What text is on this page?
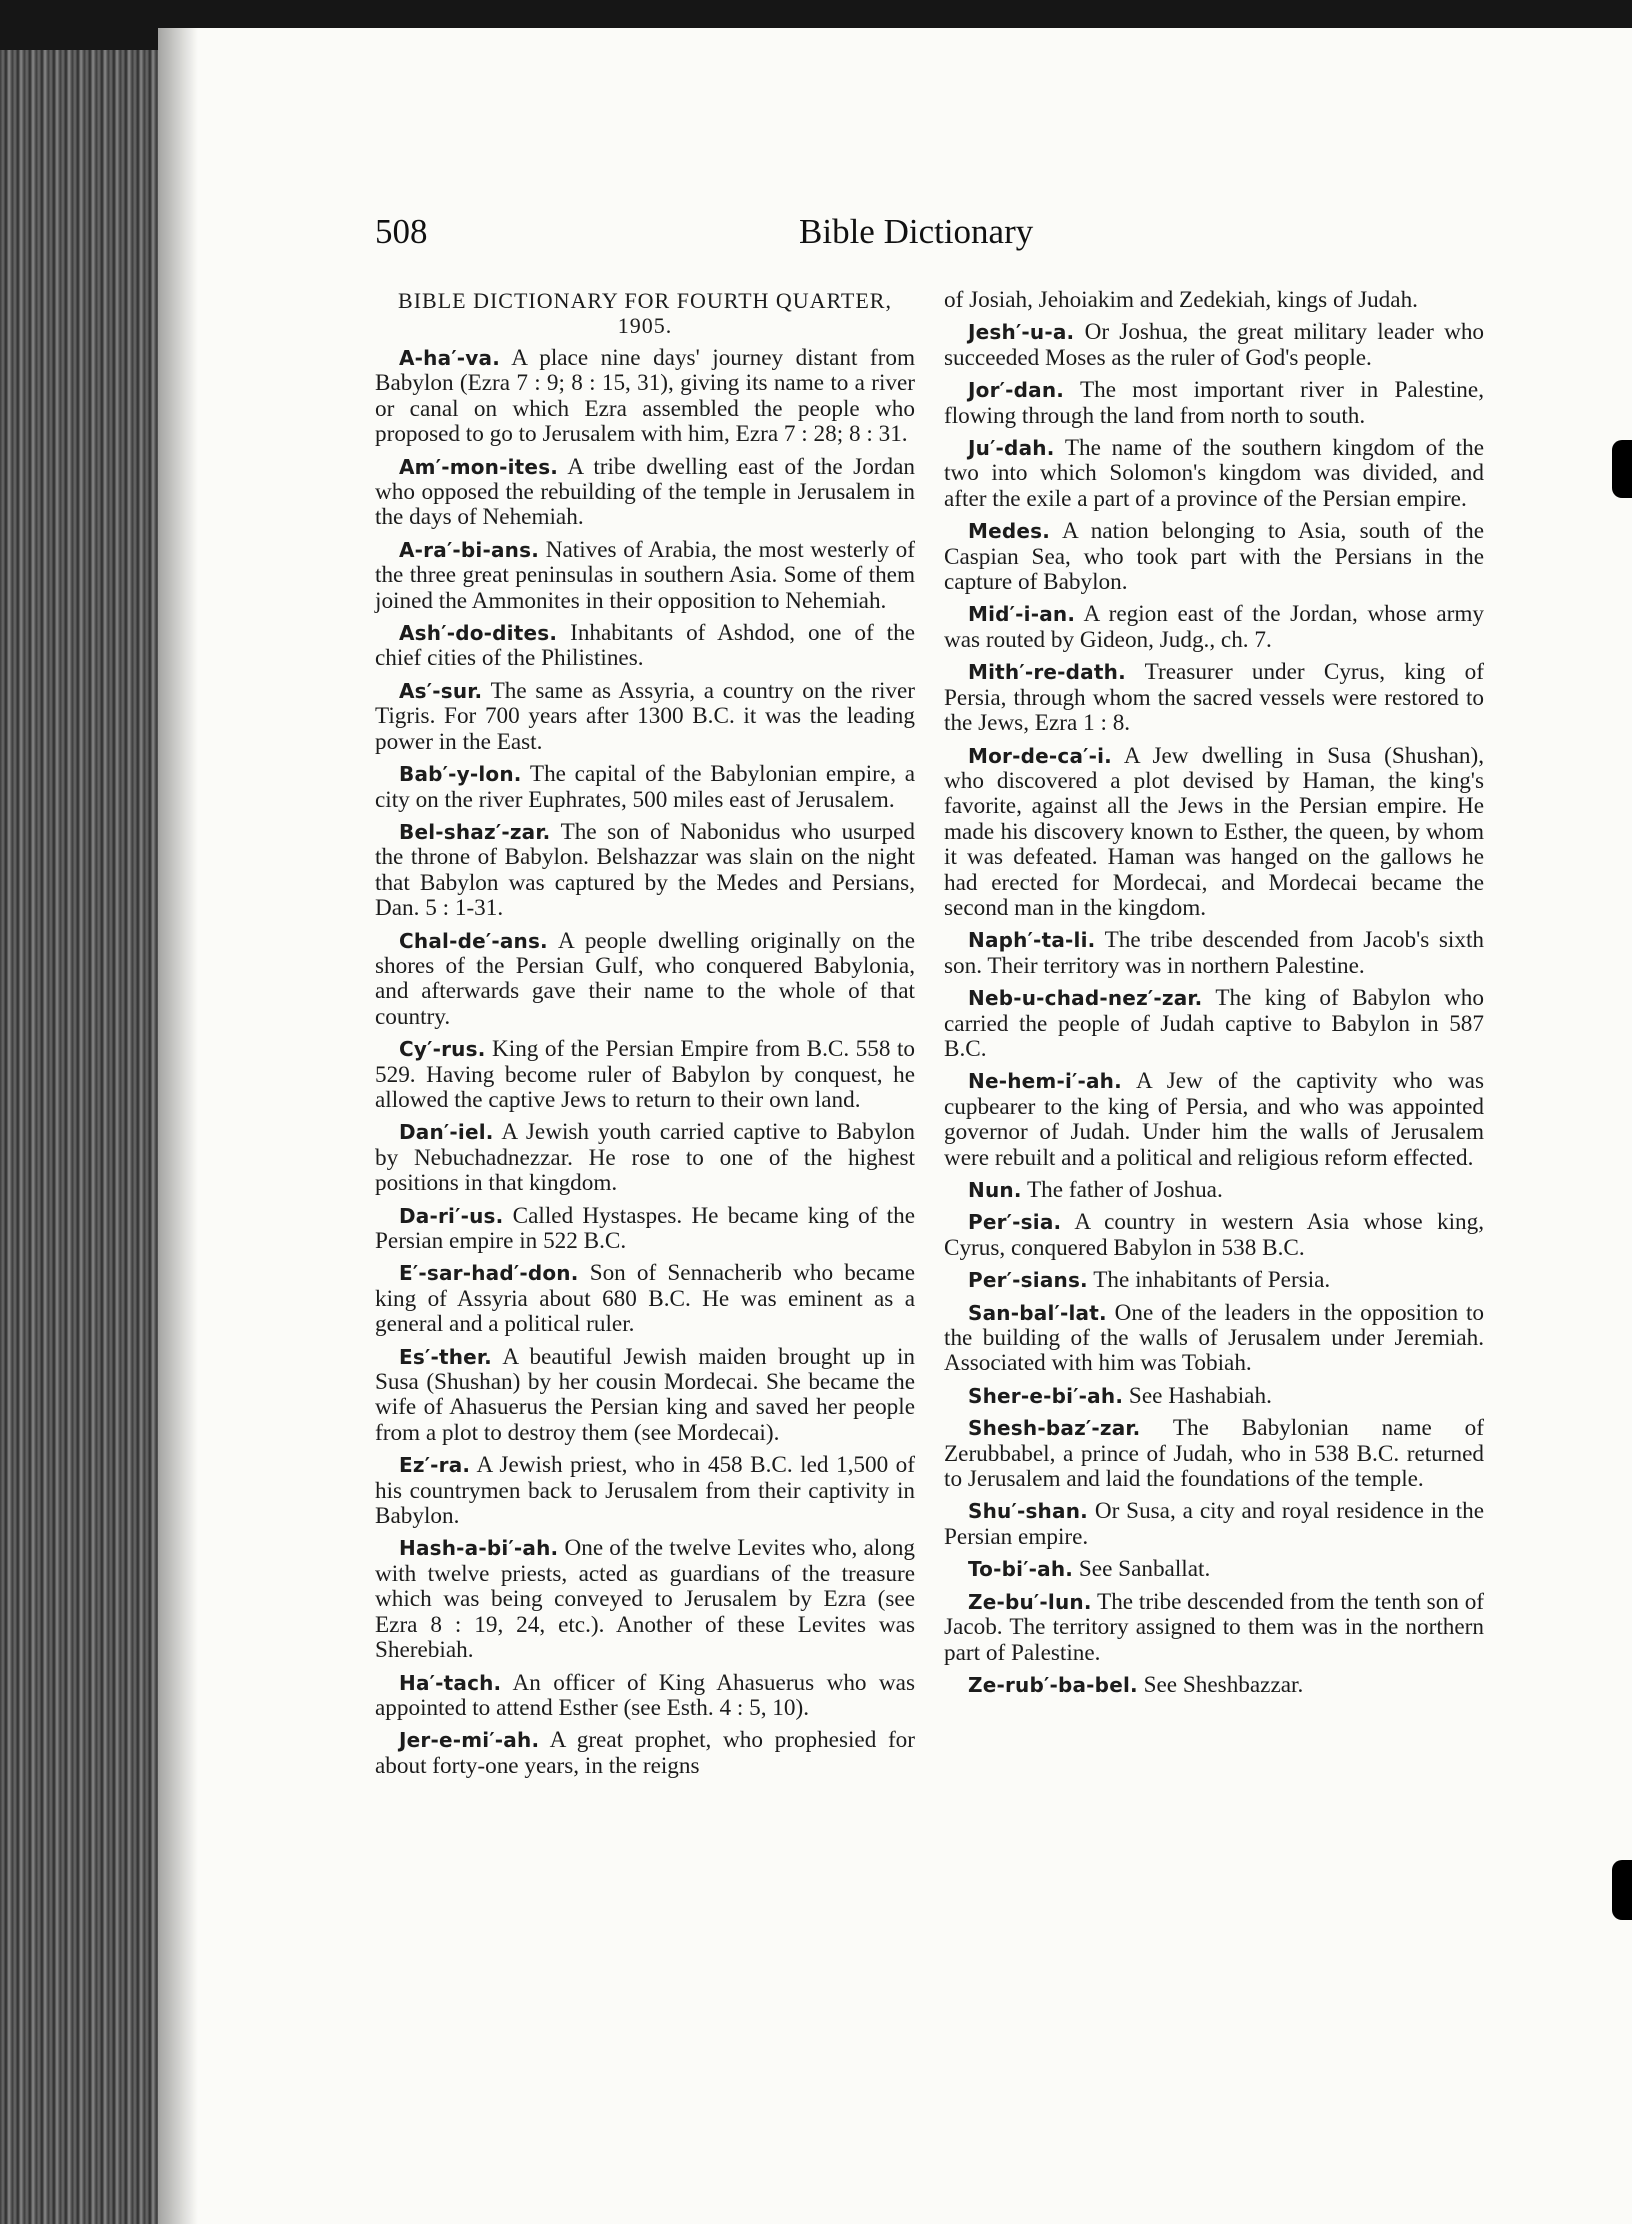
508	Bible Dictionary
BIBLE DICTIONARY FOR FOURTH QUARTER, 1905.

A-ha′-va. A place nine days' journey distant from Babylon (Ezra 7 : 9; 8 : 15, 31), giving its name to a river or canal on which Ezra assembled the people who proposed to go to Jerusalem with him, Ezra 7 : 28; 8 : 31.

Am′-mon-ites. A tribe dwelling east of the Jordan who opposed the rebuilding of the temple in Jerusalem in the days of Nehemiah.

A-ra′-bi-ans. Natives of Arabia, the most westerly of the three great peninsulas in southern Asia. Some of them joined the Ammonites in their opposition to Nehemiah.

Ash′-do-dites. Inhabitants of Ashdod, one of the chief cities of the Philistines.

As′-sur. The same as Assyria, a country on the river Tigris. For 700 years after 1300 B.C. it was the leading power in the East.

Bab′-y-lon. The capital of the Babylonian empire, a city on the river Euphrates, 500 miles east of Jerusalem.

Bel-shaz′-zar. The son of Nabonidus who usurped the throne of Babylon. Belshazzar was slain on the night that Babylon was captured by the Medes and Persians, Dan. 5 : 1-31.

Chal-de′-ans. A people dwelling originally on the shores of the Persian Gulf, who conquered Babylonia, and afterwards gave their name to the whole of that country.

Cy′-rus. King of the Persian Empire from B.C. 558 to 529. Having become ruler of Babylon by conquest, he allowed the captive Jews to return to their own land.

Dan′-iel. A Jewish youth carried captive to Babylon by Nebuchadnezzar. He rose to one of the highest positions in that kingdom.

Da-ri′-us. Called Hystaspes. He became king of the Persian empire in 522 B.C.

E′-sar-had′-don. Son of Sennacherib who became king of Assyria about 680 B.C. He was eminent as a general and a political ruler.

Es′-ther. A beautiful Jewish maiden brought up in Susa (Shushan) by her cousin Mordecai. She became the wife of Ahasuerus the Persian king and saved her people from a plot to destroy them (see Mordecai).

Ez′-ra. A Jewish priest, who in 458 B.C. led 1,500 of his countrymen back to Jerusalem from their captivity in Babylon.

Hash-a-bi′-ah. One of the twelve Levites who, along with twelve priests, acted as guardians of the treasure which was being conveyed to Jerusalem by Ezra (see Ezra 8 : 19, 24, etc.). Another of these Levites was Sherebiah.

Ha′-tach. An officer of King Ahasuerus who was appointed to attend Esther (see Esth. 4 : 5, 10).

Jer-e-mi′-ah. A great prophet, who prophesied for about forty-one years, in the reigns

of Josiah, Jehoiakim and Zedekiah, kings of Judah.

Jesh′-u-a. Or Joshua, the great military leader who succeeded Moses as the ruler of God's people.

Jor′-dan. The most important river in Palestine, flowing through the land from north to south.

Ju′-dah. The name of the southern kingdom of the two into which Solomon's kingdom was divided, and after the exile a part of a province of the Persian empire.

Medes. A nation belonging to Asia, south of the Caspian Sea, who took part with the Persians in the capture of Babylon.

Mid′-i-an. A region east of the Jordan, whose army was routed by Gideon, Judg., ch. 7.

Mith′-re-dath. Treasurer under Cyrus, king of Persia, through whom the sacred vessels were restored to the Jews, Ezra 1 : 8.

Mor-de-ca′-i. A Jew dwelling in Susa (Shushan), who discovered a plot devised by Haman, the king's favorite, against all the Jews in the Persian empire. He made his discovery known to Esther, the queen, by whom it was defeated. Haman was hanged on the gallows he had erected for Mordecai, and Mordecai became the second man in the kingdom.

Naph′-ta-li. The tribe descended from Jacob's sixth son. Their territory was in northern Palestine.

Neb-u-chad-nez′-zar. The king of Babylon who carried the people of Judah captive to Babylon in 587 B.C.

Ne-hem-i′-ah. A Jew of the captivity who was cupbearer to the king of Persia, and who was appointed governor of Judah. Under him the walls of Jerusalem were rebuilt and a political and religious reform effected.

Nun. The father of Joshua.

Per′-sia. A country in western Asia whose king, Cyrus, conquered Babylon in 538 B.C.

Per′-sians. The inhabitants of Persia.

San-bal′-lat. One of the leaders in the opposition to the building of the walls of Jerusalem under Jeremiah. Associated with him was Tobiah.

Sher-e-bi′-ah. See Hashabiah.

Shesh-baz′-zar. The Babylonian name of Zerubbabel, a prince of Judah, who in 538 B.C. returned to Jerusalem and laid the foundations of the temple.

Shu′-shan. Or Susa, a city and royal residence in the Persian empire.

To-bi′-ah. See Sanballat.

Ze-bu′-lun. The tribe descended from the tenth son of Jacob. The territory assigned to them was in the northern part of Palestine.

Ze-rub′-ba-bel. See Sheshbazzar.
